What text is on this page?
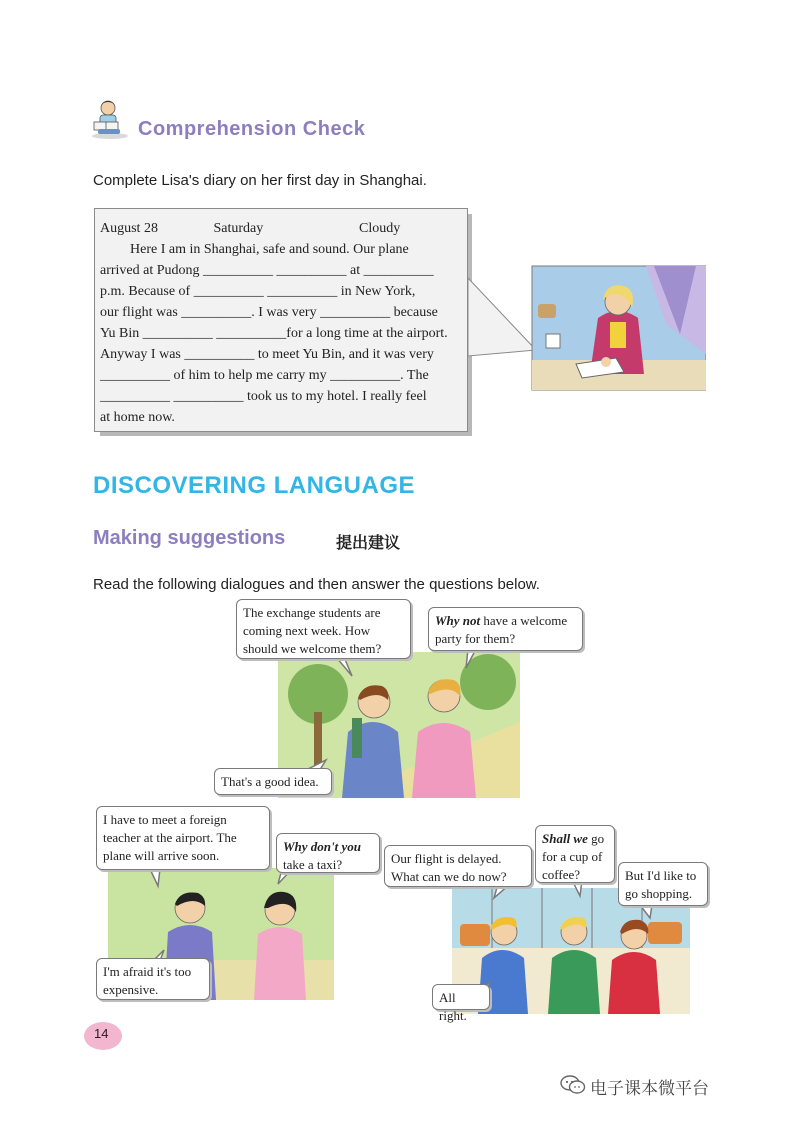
Comprehension Check
Complete Lisa's diary on her first day in Shanghai.
August 28	Saturday	Cloudy
Here I am in Shanghai, safe and sound. Our plane
arrived at Pudong __________ __________ at __________
p.m. Because of __________ __________ in New York,
our flight was __________. I was very __________ because
Yu Bin __________ __________for a long time at the airport.
Anyway I was __________ to meet Yu Bin, and it was very
__________ of him to help me carry my __________. The
__________ __________ took us to my hotel. I really feel
at home now.
DISCOVERING LANGUAGE
Making suggestions	提出建议
Read the following dialogues and then answer the questions below.
The exchange students are coming next week. How should we welcome them?
Why not have a welcome party for them?
That's a good idea.
I have to meet a foreign teacher at the airport. The plane will arrive soon.
Why don't you take a taxi?
I'm afraid it's too expensive.
Our flight is delayed. What can we do now?
Shall we go for a cup of coffee?	But I'd like to go shopping.
All right.
14
电子课本微平台
